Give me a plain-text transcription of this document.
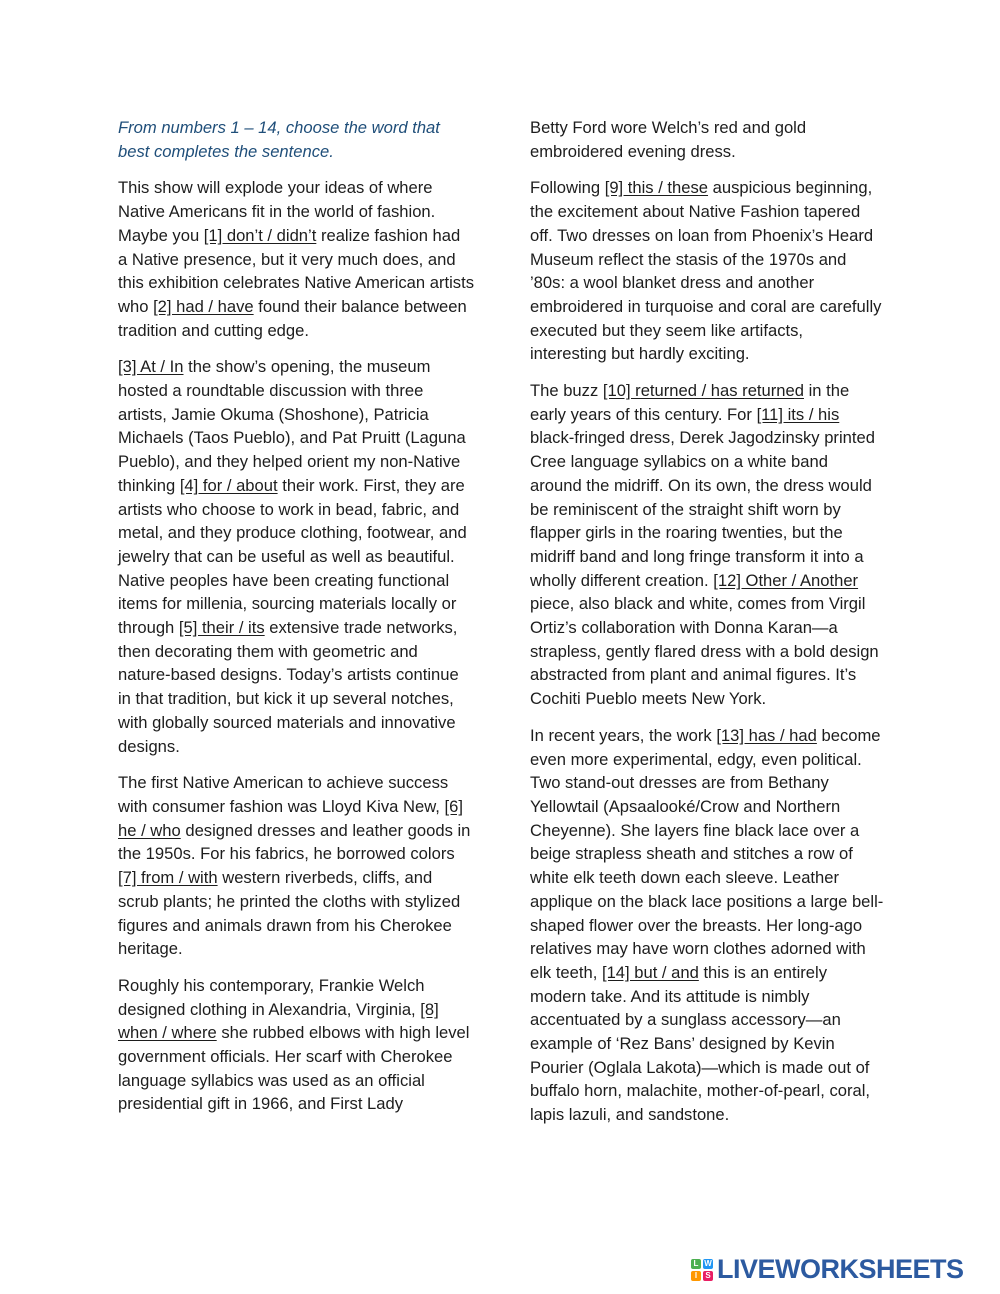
From numbers 1 – 14, choose the word that best completes the sentence.

This show will explode your ideas of where Native Americans fit in the world of fashion. Maybe you [1] don’t / didn’t realize fashion had a Native presence, but it very much does, and this exhibition celebrates Native American artists who [2] had / have found their balance between tradition and cutting edge.

[3] At / In the show’s opening, the museum hosted a roundtable discussion with three artists, Jamie Okuma (Shoshone), Patricia Michaels (Taos Pueblo), and Pat Pruitt (Laguna Pueblo), and they helped orient my non-Native thinking [4] for / about their work. First, they are artists who choose to work in bead, fabric, and metal, and they produce clothing, footwear, and jewelry that can be useful as well as beautiful. Native peoples have been creating functional items for millenia, sourcing materials locally or through [5] their / its extensive trade networks, then decorating them with geometric and nature-based designs. Today’s artists continue in that tradition, but kick it up several notches, with globally sourced materials and innovative designs.

The first Native American to achieve success with consumer fashion was Lloyd Kiva New, [6] he / who designed dresses and leather goods in the 1950s. For his fabrics, he borrowed colors [7] from / with western riverbeds, cliffs, and scrub plants; he printed the cloths with stylized figures and animals drawn from his Cherokee heritage.

Roughly his contemporary, Frankie Welch designed clothing in Alexandria, Virginia, [8] when / where she rubbed elbows with high level government officials. Her scarf with Cherokee language syllabics was used as an official presidential gift in 1966, and First Lady

Betty Ford wore Welch’s red and gold embroidered evening dress.

Following [9] this / these auspicious beginning, the excitement about Native Fashion tapered off. Two dresses on loan from Phoenix’s Heard Museum reflect the stasis of the 1970s and ’80s: a wool blanket dress and another embroidered in turquoise and coral are carefully executed but they seem like artifacts, interesting but hardly exciting.

The buzz [10] returned / has returned in the early years of this century. For [11] its / his black-fringed dress, Derek Jagodzinsky printed Cree language syllabics on a white band around the midriff. On its own, the dress would be reminiscent of the straight shift worn by flapper girls in the roaring twenties, but the midriff band and long fringe transform it into a wholly different creation. [12] Other / Another piece, also black and white, comes from Virgil Ortiz’s collaboration with Donna Karan—a strapless, gently flared dress with a bold design abstracted from plant and animal figures. It’s Cochiti Pueblo meets New York.

In recent years, the work [13] has / had become even more experimental, edgy, even political. Two stand-out dresses are from Bethany Yellowtail (Apsaalooké/Crow and Northern Cheyenne). She layers fine black lace over a beige strapless sheath and stitches a row of white elk teeth down each sleeve. Leather applique on the black lace positions a large bell-shaped flower over the breasts. Her long-ago relatives may have worn clothes adorned with elk teeth, [14] but / and this is an entirely modern take. And its attitude is nimbly accentuated by a sunglass accessory—an example of ‘Rez Bans’ designed by Kevin Pourier (Oglala Lakota)—which is made out of buffalo horn, malachite, mother-of-pearl, coral, lapis lazuli, and sandstone.

L W
I	S LIVEWORKSHEETS
